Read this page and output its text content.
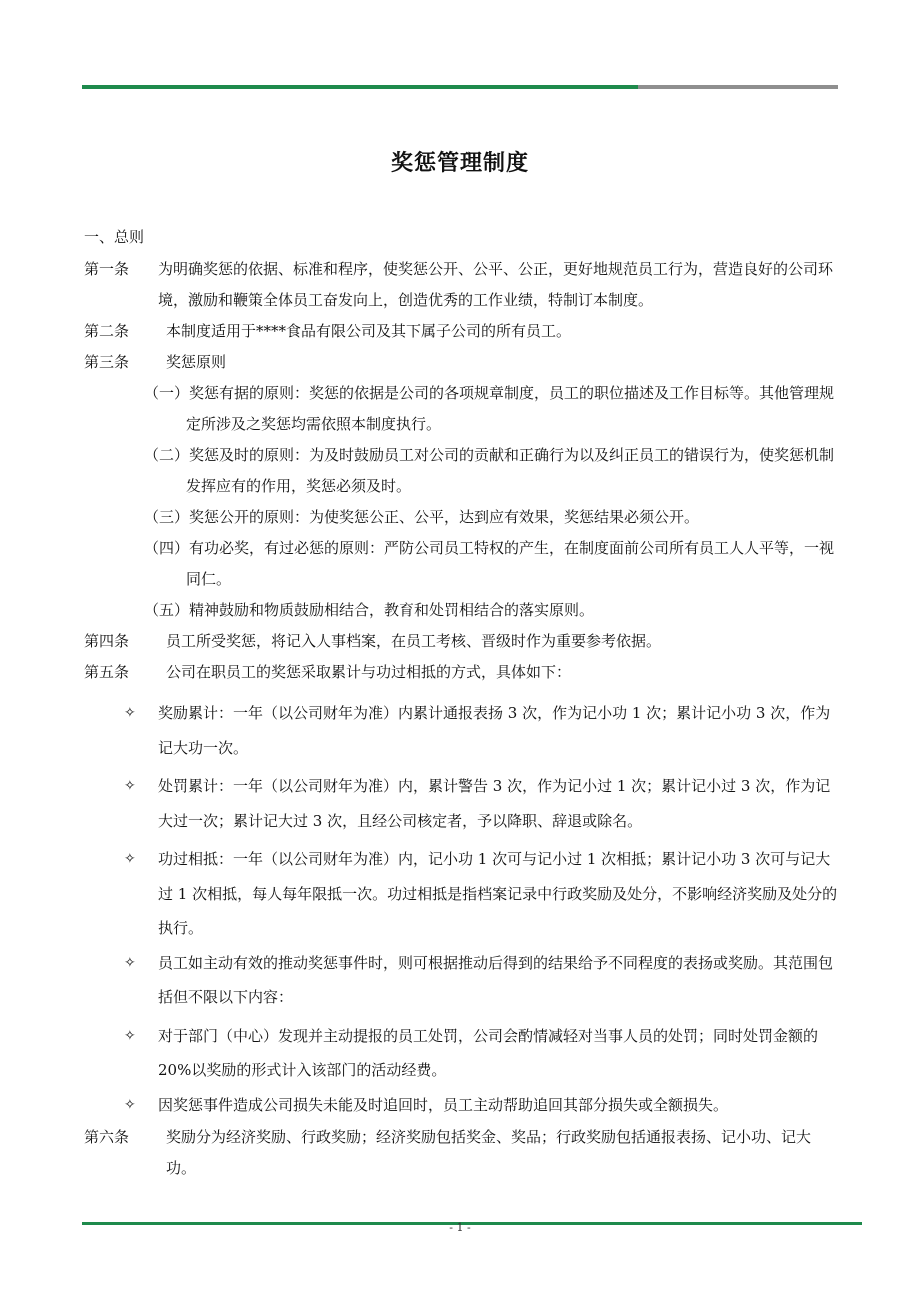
奖惩管理制度
一、总则
第一条 为明确奖惩的依据、标准和程序，使奖惩公开、公平、公正，更好地规范员工行为，营造良好的公司环境，激励和鞭策全体员工奋发向上，创造优秀的工作业绩，特制订本制度。
第二条 本制度适用于****食品有限公司及其下属子公司的所有员工。
第三条 奖惩原则
（一）奖惩有据的原则：奖惩的依据是公司的各项规章制度，员工的职位描述及工作目标等。其他管理规定所涉及之奖惩均需依照本制度执行。
（二）奖惩及时的原则：为及时鼓励员工对公司的贡献和正确行为以及纠正员工的错误行为，使奖惩机制发挥应有的作用，奖惩必须及时。
（三）奖惩公开的原则：为使奖惩公正、公平，达到应有效果，奖惩结果必须公开。
（四）有功必奖，有过必惩的原则：严防公司员工特权的产生，在制度面前公司所有员工人人平等，一视同仁。
（五）精神鼓励和物质鼓励相结合，教育和处罚相结合的落实原则。
第四条 员工所受奖惩，将记入人事档案，在员工考核、晋级时作为重要参考依据。
第五条 公司在职员工的奖惩采取累计与功过相抵的方式，具体如下：
✧ 奖励累计：一年（以公司财年为准）内累计通报表扬 3 次，作为记小功 1 次；累计记小功 3 次，作为记大功一次。
✧ 处罚累计：一年（以公司财年为准）内，累计警告 3 次，作为记小过 1 次；累计记小过 3 次，作为记大过一次；累计记大过 3 次，且经公司核定者，予以降职、辞退或除名。
✧ 功过相抵：一年（以公司财年为准）内，记小功 1 次可与记小过 1 次相抵；累计记小功 3 次可与记大过 1 次相抵，每人每年限抵一次。功过相抵是指档案记录中行政奖励及处分，不影响经济奖励及处分的执行。
✧ 员工如主动有效的推动奖惩事件时，则可根据推动后得到的结果给予不同程度的表扬或奖励。其范围包括但不限以下内容：
✧ 对于部门（中心）发现并主动提报的员工处罚，公司会酌情减轻对当事人员的处罚；同时处罚金额的 20%以奖励的形式计入该部门的活动经费。
✧ 因奖惩事件造成公司损失未能及时追回时，员工主动帮助追回其部分损失或全额损失。
第六条 奖励分为经济奖励、行政奖励；经济奖励包括奖金、奖品；行政奖励包括通报表扬、记小功、记大功。
- 1 -
